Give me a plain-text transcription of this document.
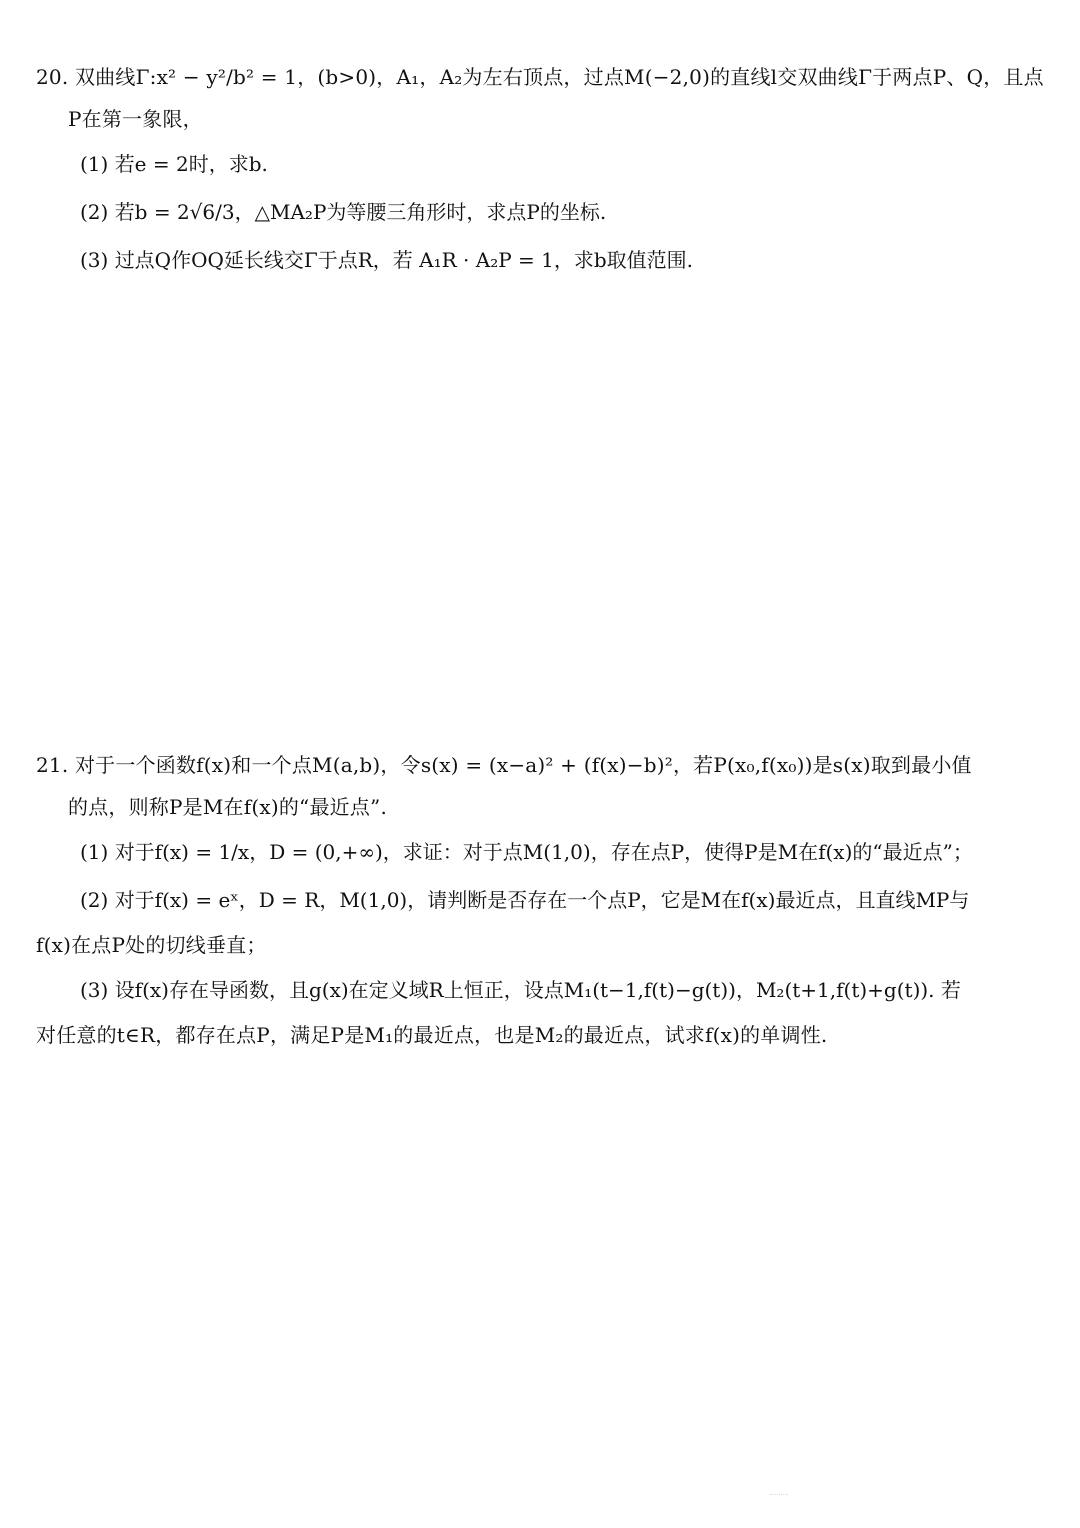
20. 双曲线Γ:x² − y²/b² = 1，(b>0)，A₁，A₂为左右顶点，过点M(−2,0)的直线l交双曲线Γ于两点P、Q，且点
P在第一象限，
(1) 若e = 2时，求b.
(2) 若b = 2√6/3，△MA₂P为等腰三角形时，求点P的坐标.
(3) 过点Q作OQ延长线交Γ于点R，若 A₁R · A₂P = 1，求b取值范围.
21. 对于一个函数f(x)和一个点M(a,b)，令s(x) = (x−a)² + (f(x)−b)²，若P(x₀,f(x₀))是s(x)取到最小值
的点，则称P是M在f(x)的“最近点”.
(1) 对于f(x) = 1/x，D = (0,+∞)，求证：对于点M(1,0)，存在点P，使得P是M在f(x)的“最近点”；
(2) 对于f(x) = eˣ，D = R，M(1,0)，请判断是否存在一个点P，它是M在f(x)最近点，且直线MP与
f(x)在点P处的切线垂直；
(3) 设f(x)存在导函数，且g(x)在定义域R上恒正，设点M₁(t−1,f(t)−g(t))，M₂(t+1,f(t)+g(t)). 若
对任意的t∈R，都存在点P，满足P是M₁的最近点，也是M₂的最近点，试求f(x)的单调性.
